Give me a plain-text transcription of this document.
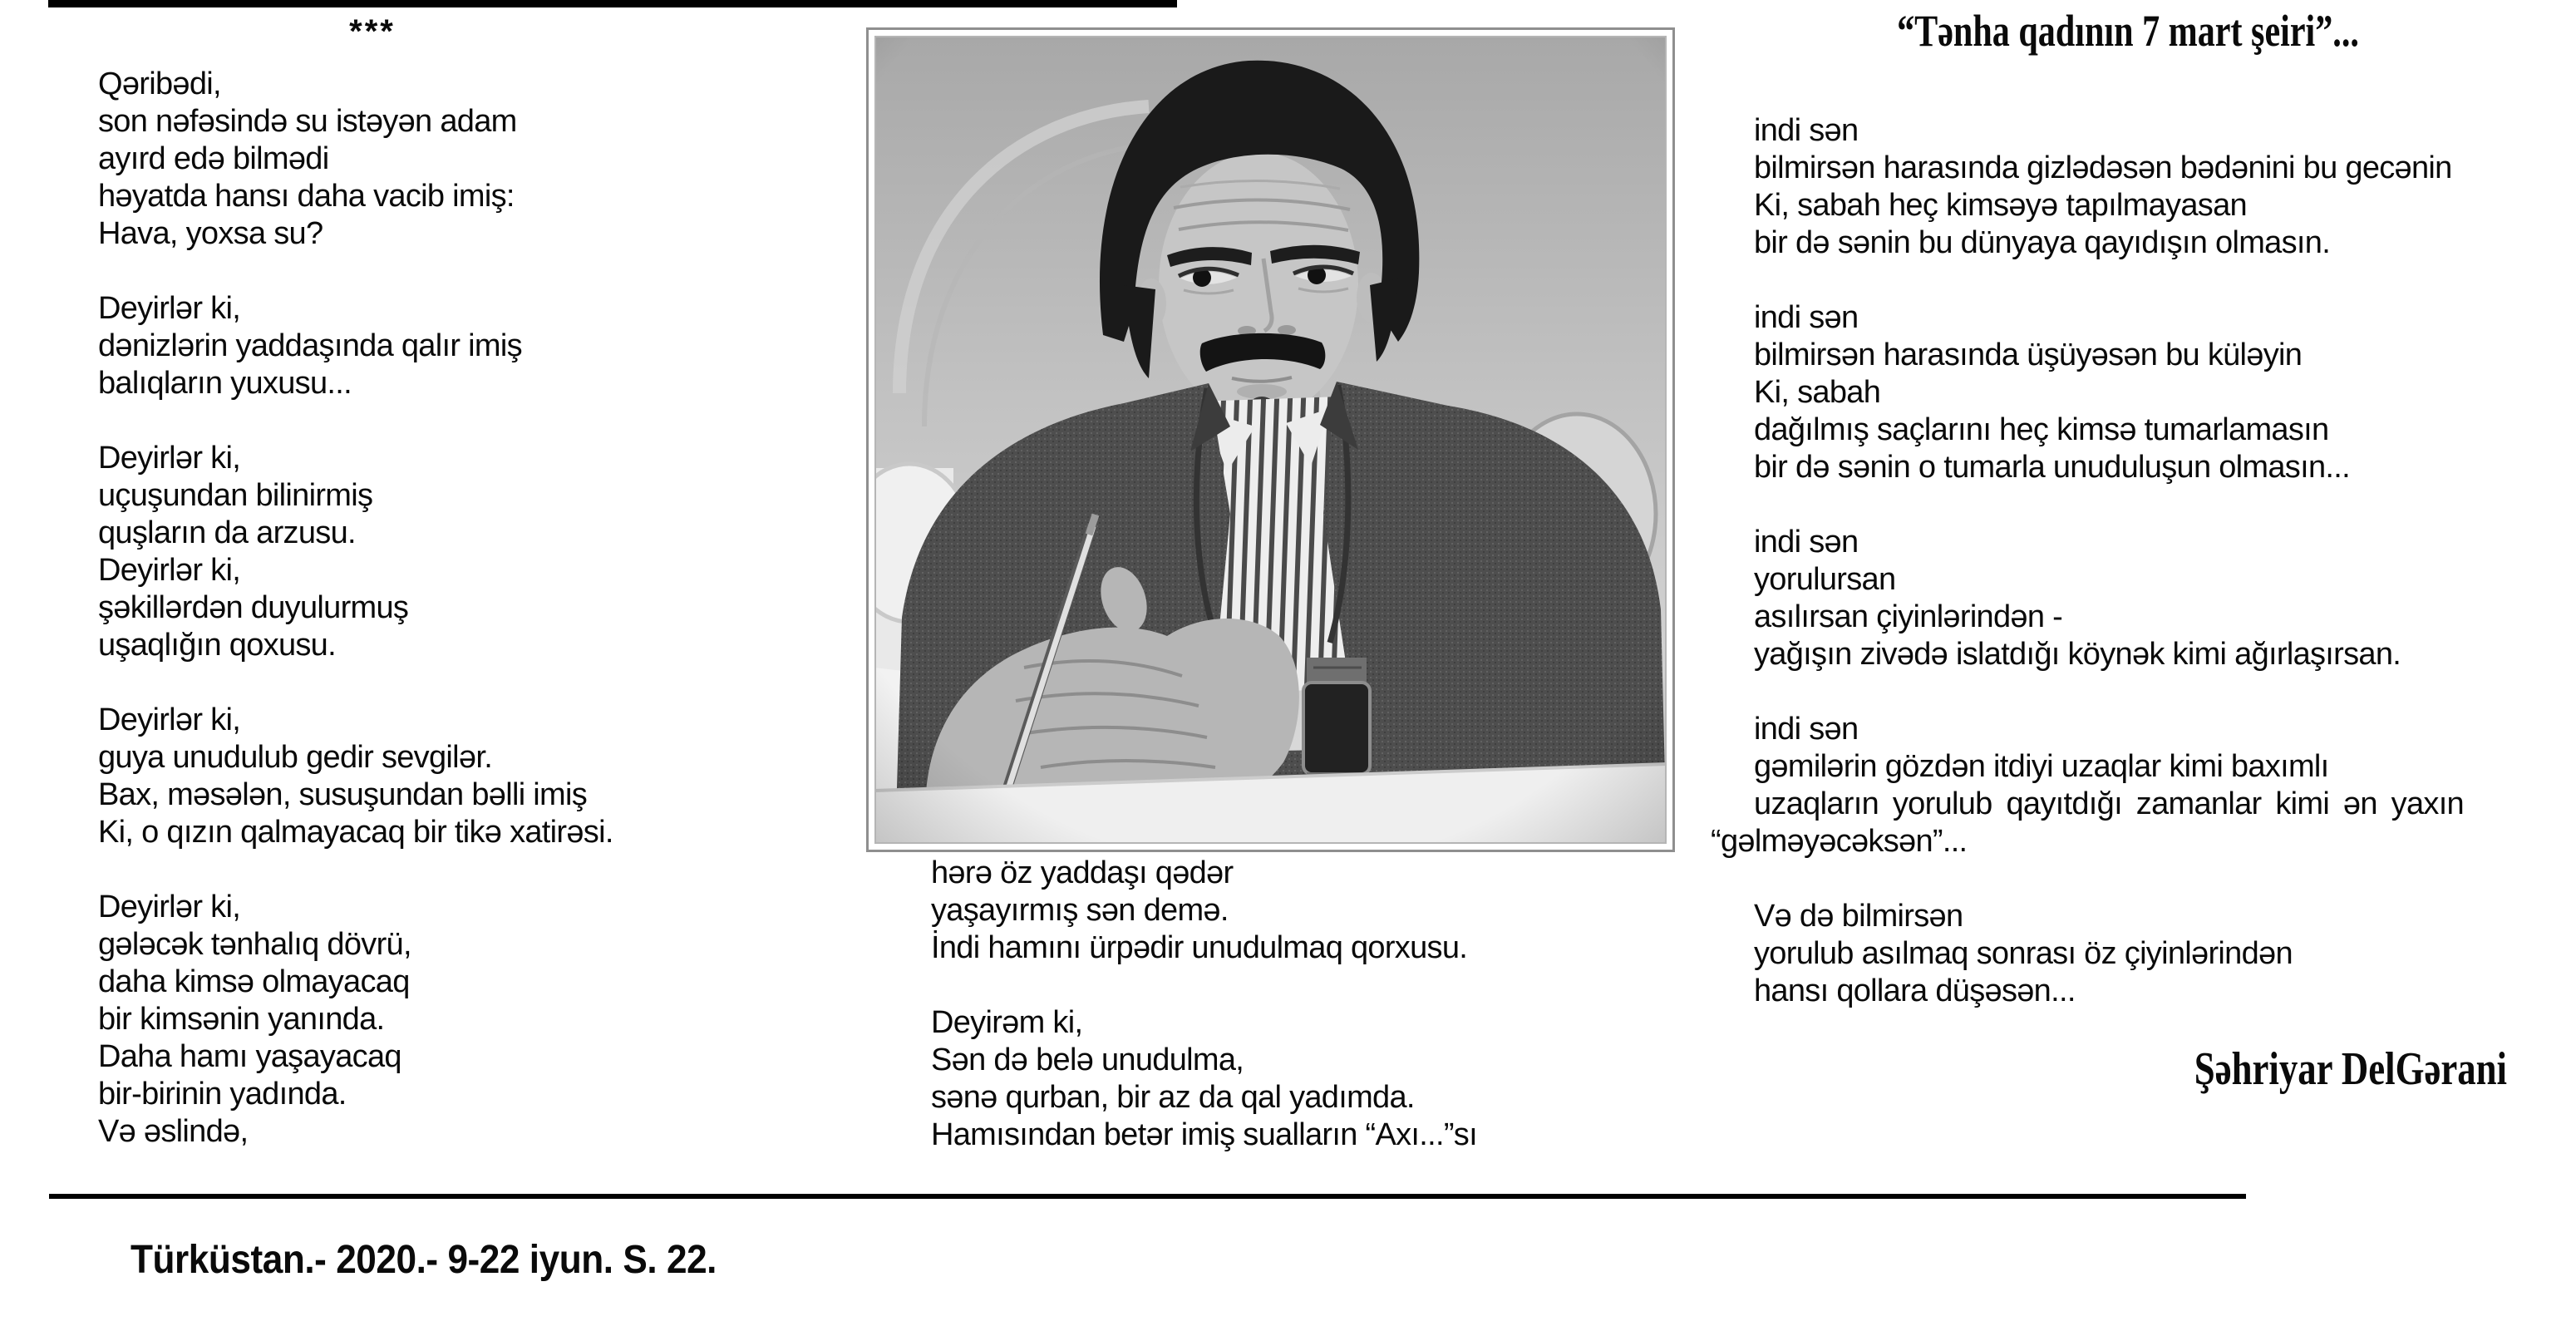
***
Qəribədi,
son nəfəsində su istəyən adam
ayırd edə bilmədi
həyatda hansı daha vacib imiş:
Hava, yoxsa su?

Deyirlər ki,
dənizlərin yaddaşında qalır imiş
balıqların yuxusu...

Deyirlər ki,
uçuşundan bilinirmiş
quşların da arzusu.
Deyirlər ki,
şəkillərdən duyulurmuş
uşaqlığın qoxusu.

Deyirlər ki,
guya unudulub gedir sevgilər.
Bax, məsələn, susuşundan bəlli imiş
Ki, o qızın qalmayacaq bir tikə xatirəsi.

Deyirlər ki,
gələcək tənhalıq dövrü,
daha kimsə olmayacaq
bir kimsənin yanında.
Daha hamı yaşayacaq
bir-birinin yadında.
Və əslində,
hərə öz yaddaşı qədər
yaşayırmış sən demə.
İndi hamını ürpədir unudulmaq qorxusu.

Deyirəm ki,
Sən də belə unudulma,
sənə qurban, bir az da qal yadımda.
Hamısından betər imiş sualların “Axı...”sı
“Tənha qadının 7 mart şeiri”...
indi sən
bilmirsən harasında gizlədəsən bədənini bu gecənin
Ki, sabah heç kimsəyə tapılmayasan
bir də sənin bu dünyaya qayıdışın olmasın.

indi sən
bilmirsən harasında üşüyəsən bu küləyin
Ki, sabah
dağılmış saçlarını heç kimsə tumarlamasın
bir də sənin o tumarla unuduluşun olmasın...

indi sən
yorulursan
asılırsan çiyinlərindən -
yağışın zivədə islatdığı köynək kimi ağırlaşırsan.

indi sən
gəmilərin gözdən itdiyi uzaqlar kimi baxımlı
uzaqların yorulub qayıtdığı zamanlar kimi ən yaxın
“gəlməyəcəksən”...

Və də bilmirsən
yorulub asılmaq sonrası öz çiyinlərindən
hansı qollara düşəsən...
Şəhriyar DelGərani
Türküstan.- 2020.- 9-22 iyun. S. 22.
